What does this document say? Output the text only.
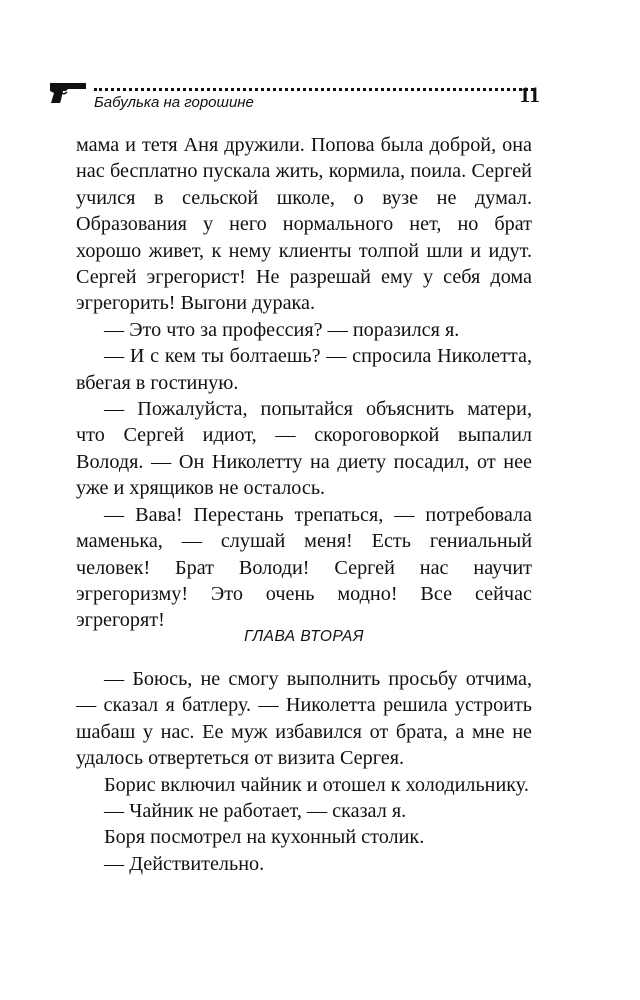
Бабулька на горошине	11

мама и тетя Аня дружили. Попова была доброй, она нас бесплатно пускала жить, кормила, поила. Сергей учился в сельской школе, о вузе не думал. Образования у него нормального нет, но брат хорошо живет, к нему клиенты толпой шли и идут. Сергей эгрегорист! Не разрешай ему у себя дома эгрегорить! Выгони дурака.

— Это что за профессия? — поразился я.

— И с кем ты болтаешь? — спросила Николетта, вбегая в гостиную.

— Пожалуйста, попытайся объяснить матери, что Сергей идиот, — скороговоркой выпалил Володя. — Он Николетту на диету посадил, от нее уже и хрящиков не осталось.

— Вава! Перестань трепаться, — потребовала маменька, — слушай меня! Есть гениальный человек! Брат Володи! Сергей нас научит эгрегоризму! Это очень модно! Все сейчас эгрегорят!

ГЛАВА ВТОРАЯ

— Боюсь, не смогу выполнить просьбу отчима, — сказал я батлеру. — Николетта решила устроить шабаш у нас. Ее муж избавился от брата, а мне не удалось отвертеться от визита Сергея.

Борис включил чайник и отошел к холодильнику.

— Чайник не работает, — сказал я.

Боря посмотрел на кухонный столик.

— Действительно.
